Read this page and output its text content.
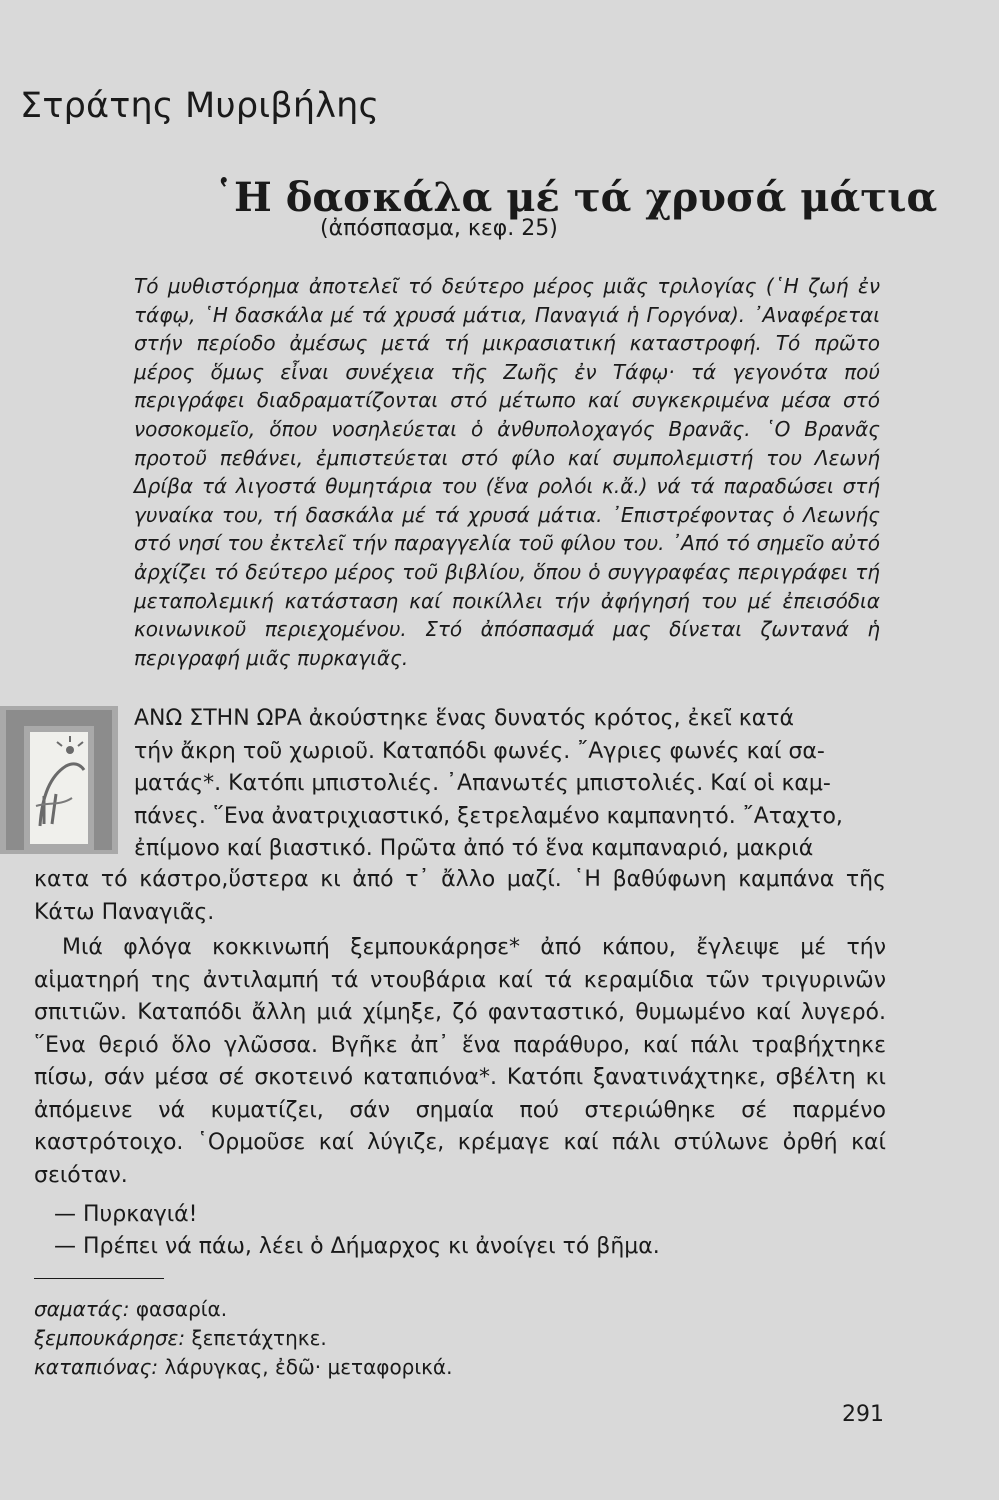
Στράτης Μυριβήλης
῾Η δασκάλα μέ τά χρυσά μάτια
(ἀπόσπασμα, κεφ. 25)

Τό μυθιστόρημα ἀποτελεῖ τό δεύτερο μέρος μιᾶς τριλογίας (῾Η ζωή ἐν τάφῳ, ῾Η δασκάλα μέ τά χρυσά μάτια, Παναγιά ἡ Γοργόνα). ᾿Αναφέρεται στήν περίοδο ἀμέσως μετά τή μικρασιατική καταστροφή. Τό πρῶτο μέρος ὅμως εἶναι συνέχεια τῆς Ζωῆς ἐν Τάφῳ· τά γεγονότα πού περιγράφει διαδραματίζονται στό μέτωπο καί συγκεκριμένα μέσα στό νοσοκομεῖο, ὅπου νοσηλεύεται ὁ ἀνθυπολοχαγός Βρανᾶς. ῾Ο Βρανᾶς προτοῦ πεθάνει, ἐμπιστεύεται στό φίλο καί συμπολεμιστή του Λεωνή Δρίβα τά λιγοστά θυμητάρια του (ἕνα ρολόι κ.ἄ.) νά τά παραδώσει στή γυναίκα του, τή δασκάλα μέ τά χρυσά μάτια. ᾿Επιστρέφοντας ὁ Λεωνής στό νησί του ἐκτελεῖ τήν παραγγελία τοῦ φίλου του. ᾿Από τό σημεῖο αὐτό ἀρχίζει τό δεύτερο μέρος τοῦ βιβλίου, ὅπου ὁ συγγραφέας περιγράφει τή μεταπολεμική κατάσταση καί ποικίλλει τήν ἀφήγησή του μέ ἐπεισόδια κοινωνικοῦ περιεχομένου. Στό ἀπόσπασμά μας δίνεται ζωντανά ἡ περιγραφή μιᾶς πυρκαγιᾶς.

ΑΝΩ ΣΤΗΝ ΩΡΑ ἀκούστηκε ἕνας δυνατός κρότος, ἐκεῖ κατά

τήν ἄκρη τοῦ χωριοῦ. Καταπόδι φωνές. ῎Αγριες φωνές καί σα-

ματάς*. Κατόπι μπιστολιές. ᾿Απανωτές μπιστολιές. Καί οἱ καμ-

πάνες. ῞Ενα ἀνατριχιαστικό, ξετρελαμένο καμπανητό. ῎Αταχτο,

ἐπίμονο καί βιαστικό. Πρῶτα ἀπό τό ἕνα καμπαναριό, μακριά

κατα τό κάστρο,ὕστερα κι ἀπό τ᾿ ἄλλο μαζί. ῾Η βαθύφωνη καμπάνα τῆς Κάτω Παναγιᾶς.

Μιά φλόγα κοκκινωπή ξεμπουκάρησε* ἀπό κάπου, ἔγλειψε μέ τήν αἱματηρή της ἀντιλαμπή τά ντουβάρια καί τά κεραμίδια τῶν τριγυρινῶν σπιτιῶν. Καταπόδι ἄλλη μιά χίμηξε, ζό φανταστικό, θυμωμένο καί λυγερό. ῞Ενα θεριό ὅλο γλῶσσα. Βγῆκε ἀπ᾿ ἕνα παράθυρο, καί πάλι τραβήχτηκε πίσω, σάν μέσα σέ σκοτεινό καταπιόνα*. Κατόπι ξανατινάχτηκε, σβέλτη κι ἀπόμεινε νά κυματίζει, σάν σημαία πού στεριώθηκε σέ παρμένο καστρότοιχο. ῾Ορμοῦσε καί λύγιζε, κρέμαγε καί πάλι στύλωνε ὀρθή καί σειόταν.

— Πυρκαγιά!
— Πρέπει νά πάω, λέει ὁ Δήμαρχος κι ἀνοίγει τό βῆμα.
σαματάς: φασαρία.
ξεμπουκάρησε: ξεπετάχτηκε.
καταπιόνας: λάρυγκας, ἐδῶ· μεταφορικά.
291
